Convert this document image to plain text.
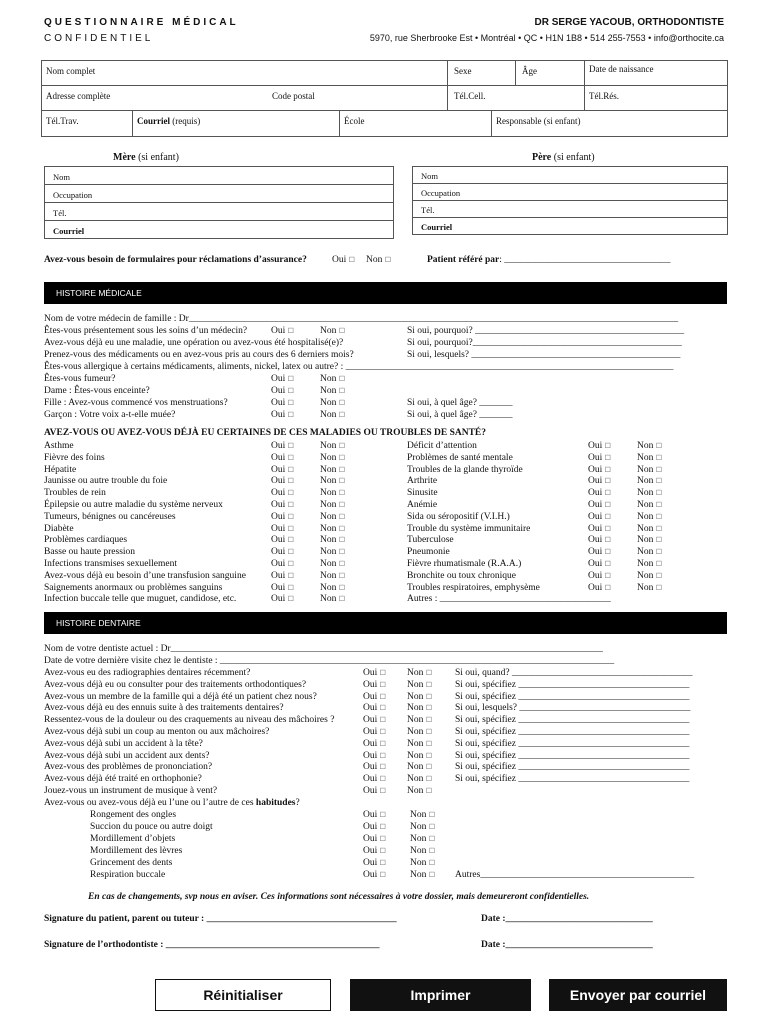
QUESTIONNAIRE MÉDICAL
CONFIDENTIEL
DR SERGE YACOUB, ORTHODONTISTE
5970, rue Sherbrooke Est • Montréal • QC • H1N 1B8 • 514 255-7553 • info@orthocite.ca
Nom complet	Sexe	Âge	Date de naissance
Adresse complète	Code postal	Tél.Cell.	Tél.Rés.
Tél.Trav.	Courriel (requis)	École	Responsable (si enfant)
Mère (si enfant)	Père (si enfant)
Nom
Occupation
Tél.
Courriel
Nom
Occupation
Tél.
Courriel
Avez-vous besoin de formulaires pour réclamations d’assurance?	Oui ☐ Non ☐	Patient référé par: ___________________________________
HISTOIRE MÉDICALE
Nom de votre médecin de famille : Dr_______________________________________________________________________________________________________
Êtes-vous présentement sous les soins d’un médecin?	Oui ☐	Non ☐	Si oui, pourquoi? ____________________________________________
Avez-vous déjà eu une maladie, une opération ou avez-vous été hospitalisé(e)?	Si oui, pourquoi?____________________________________________
Prenez-vous des médicaments ou en avez-vous pris au cours des 6 derniers mois?	Si oui, lesquels? ____________________________________________
Êtes-vous allergique à certains médicaments, aliments, nickel, latex ou autre? : _____________________________________________________________________
Êtes-vous fumeur?	Oui ☐	Non ☐
Dame : Êtes-vous enceinte?	Oui ☐	Non ☐
Fille : Avez-vous commencé vos menstruations?	Oui ☐	Non ☐	Si oui, à quel âge? _______
Garçon : Votre voix a-t-elle muée?	Oui ☐	Non ☐	Si oui, à quel âge? _______
AVEZ-VOUS OU AVEZ-VOUS DÉJÀ EU CERTAINES DE CES MALADIES OU TROUBLES DE SANTÉ?
Asthme	Oui ☐	Non ☐
Fièvre des foins	Oui ☐	Non ☐
Hépatite	Oui ☐	Non ☐
Jaunisse ou autre trouble du foie	Oui ☐	Non ☐
Troubles de rein	Oui ☐	Non ☐
Épilepsie ou autre maladie du système nerveux	Oui ☐	Non ☐
Tumeurs, bénignes ou cancéreuses	Oui ☐	Non ☐
Diabète	Oui ☐	Non ☐
Problèmes cardiaques	Oui ☐	Non ☐
Basse ou haute pression	Oui ☐	Non ☐
Infections transmises sexuellement	Oui ☐	Non ☐
Avez-vous déjà eu besoin d’une transfusion sanguine	Oui ☐	Non ☐
Saignements anormaux ou problèmes sanguins	Oui ☐	Non ☐
Infection buccale telle que muguet, candidose, etc.	Oui ☐	Non ☐
Déficit d’attention	Oui ☐	Non ☐
Problèmes de santé mentale	Oui ☐	Non ☐
Troubles de la glande thyroïde	Oui ☐	Non ☐
Arthrite	Oui ☐	Non ☐
Sinusite	Oui ☐	Non ☐
Anémie	Oui ☐	Non ☐
Sida ou séropositif (V.I.H.)	Oui ☐	Non ☐
Trouble du système immunitaire	Oui ☐	Non ☐
Tuberculose	Oui ☐	Non ☐
Pneumonie	Oui ☐	Non ☐
Fièvre rhumatismale (R.A.A.)	Oui ☐	Non ☐
Bronchite ou toux chronique	Oui ☐	Non ☐
Troubles respiratoires, emphysème	Oui ☐	Non ☐
Autres : ____________________________________
HISTOIRE DENTAIRE
Nom de votre dentiste actuel : Dr___________________________________________________________________________________________
Date de votre dernière visite chez le dentiste : ___________________________________________________________________________________
Avez-vous eu des radiographies dentaires récemment?	Oui ☐ Non ☐ Si oui, quand? ______________________________________
Avez-vous déjà eu ou consulter pour des traitements orthodontiques?	Oui ☐ Non ☐ Si oui, spécifiez ____________________________________
Avez-vous un membre de la famille qui a déjà été un patient chez nous?	Oui ☐ Non ☐ Si oui, spécifiez ____________________________________
Avez-vous déjà eu des ennuis suite à des traitements dentaires?	Oui ☐ Non ☐ Si oui, lesquels? ____________________________________
Ressentez-vous de la douleur ou des craquements au niveau des mâchoires ?	Oui ☐ Non ☐ Si oui, spécifiez ____________________________________
Avez-vous déjà subi un coup au menton ou aux mâchoires?	Oui ☐ Non ☐ Si oui, spécifiez ____________________________________
Avez-vous déjà subi un accident à la tête?	Oui ☐ Non ☐ Si oui, spécifiez ____________________________________
Avez-vous déjà subi un accident aux dents?	Oui ☐ Non ☐ Si oui, spécifiez ____________________________________
Avez-vous des problèmes de prononciation?	Oui ☐ Non ☐ Si oui, spécifiez ____________________________________
Avez-vous déjà été traité en orthophonie?	Oui ☐ Non ☐ Si oui, spécifiez ____________________________________
Jouez-vous un instrument de musique à vent?	Oui ☐ Non ☐
Avez-vous ou avez-vous déjà eu l’une ou l’autre de ces habitudes?
Rongement des ongles	Oui ☐	Non ☐
Succion du pouce ou autre doigt	Oui ☐	Non ☐
Mordillement d’objets	Oui ☐	Non ☐
Mordillement des lèvres	Oui ☐	Non ☐
Grincement des dents	Oui ☐	Non ☐
Respiration buccale	Oui ☐	Non ☐ Autres_____________________________________________
En cas de changements, svp nous en aviser. Ces informations sont nécessaires à votre dossier, mais demeureront confidentielles.
Signature du patient, parent ou tuteur : ________________________________________	Date :_______________________________
Signature de l’orthodontiste : _____________________________________________	Date :_______________________________
Réinitialiser	Imprimer	Envoyer par courriel
